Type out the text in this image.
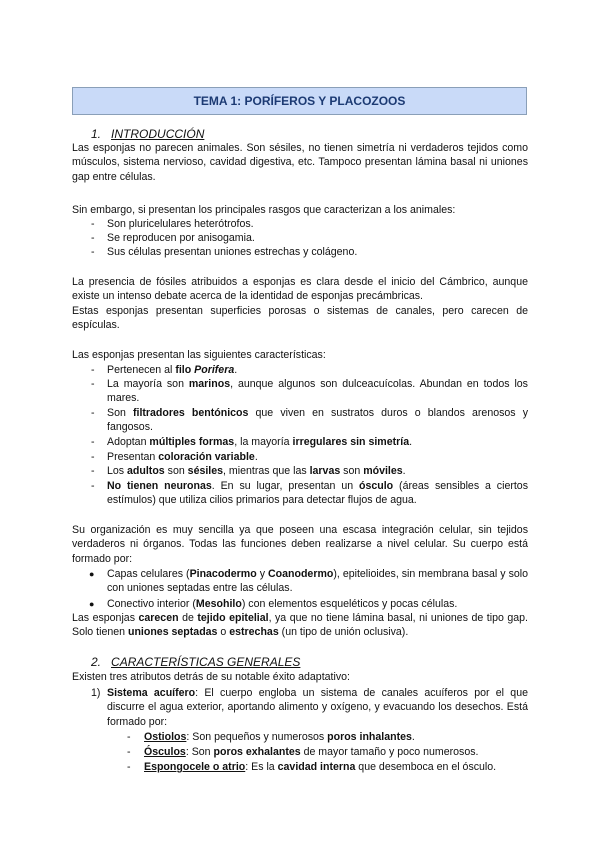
TEMA 1: PORÍFEROS Y PLACOZOOS
1. INTRODUCCIÓN
Las esponjas no parecen animales. Son sésiles, no tienen simetría ni verdaderos tejidos como músculos, sistema nervioso, cavidad digestiva, etc. Tampoco presentan lámina basal ni uniones gap entre células.
Sin embargo, si presentan los principales rasgos que caracterizan a los animales:
- Son pluricelulares heterótrofos.
- Se reproducen por anisogamia.
- Sus células presentan uniones estrechas y colágeno.
La presencia de fósiles atribuidos a esponjas es clara desde el inicio del Cámbrico, aunque existe un intenso debate acerca de la identidad de esponjas precámbricas.
Estas esponjas presentan superficies porosas o sistemas de canales, pero carecen de espículas.
Las esponjas presentan las siguientes características:
- Pertenecen al filo Porifera.
- La mayoría son marinos, aunque algunos son dulceacuícolas. Abundan en todos los mares.
- Son filtradores bentónicos que viven en sustratos duros o blandos arenosos y fangosos.
- Adoptan múltiples formas, la mayoría irregulares sin simetría.
- Presentan coloración variable.
- Los adultos son sésiles, mientras que las larvas son móviles.
- No tienen neuronas. En su lugar, presentan un ósculo (áreas sensibles a ciertos estímulos) que utiliza cilios primarios para detectar flujos de agua.
Su organización es muy sencilla ya que poseen una escasa integración celular, sin tejidos verdaderos ni órganos. Todas las funciones deben realizarse a nivel celular. Su cuerpo está formado por:
● Capas celulares (Pinacodermo y Coanodermo), epitelioides, sin membrana basal y solo con uniones septadas entre las células.
● Conectivo interior (Mesohilo) con elementos esqueléticos y pocas células.
Las esponjas carecen de tejido epitelial, ya que no tiene lámina basal, ni uniones de tipo gap. Solo tienen uniones septadas o estrechas (un tipo de unión oclusiva).
2. CARACTERÍSTICAS GENERALES
Existen tres atributos detrás de su notable éxito adaptativo:
1) Sistema acuífero: El cuerpo engloba un sistema de canales acuíferos por el que discurre el agua exterior, aportando alimento y oxígeno, y evacuando los desechos. Está formado por:
- Ostiolos: Son pequeños y numerosos poros inhalantes.
- Ósculos: Son poros exhalantes de mayor tamaño y poco numerosos.
- Espongocele o atrio: Es la cavidad interna que desemboca en el ósculo.
